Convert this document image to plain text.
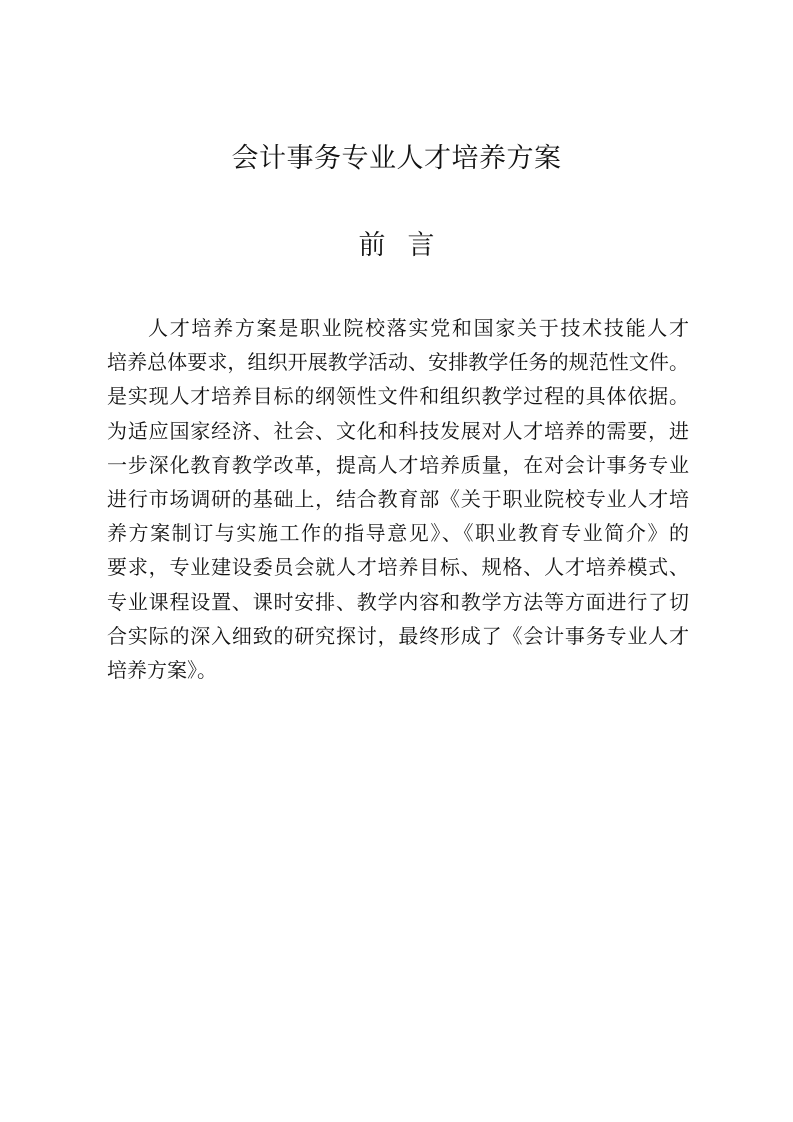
会计事务专业人才培养方案
前 言
人才培养方案是职业院校落实党和国家关于技术技能人才
培养总体要求，组织开展教学活动、安排教学任务的规范性文件。
是实现人才培养目标的纲领性文件和组织教学过程的具体依据。
为适应国家经济、社会、文化和科技发展对人才培养的需要，进
一步深化教育教学改革，提高人才培养质量，在对会计事务专业
进行市场调研的基础上，结合教育部《关于职业院校专业人才培
养方案制订与实施工作的指导意见》、《职业教育专业简介》的
要求，专业建设委员会就人才培养目标、规格、人才培养模式、
专业课程设置、课时安排、教学内容和教学方法等方面进行了切
合实际的深入细致的研究探讨，最终形成了《会计事务专业人才
培养方案》。
